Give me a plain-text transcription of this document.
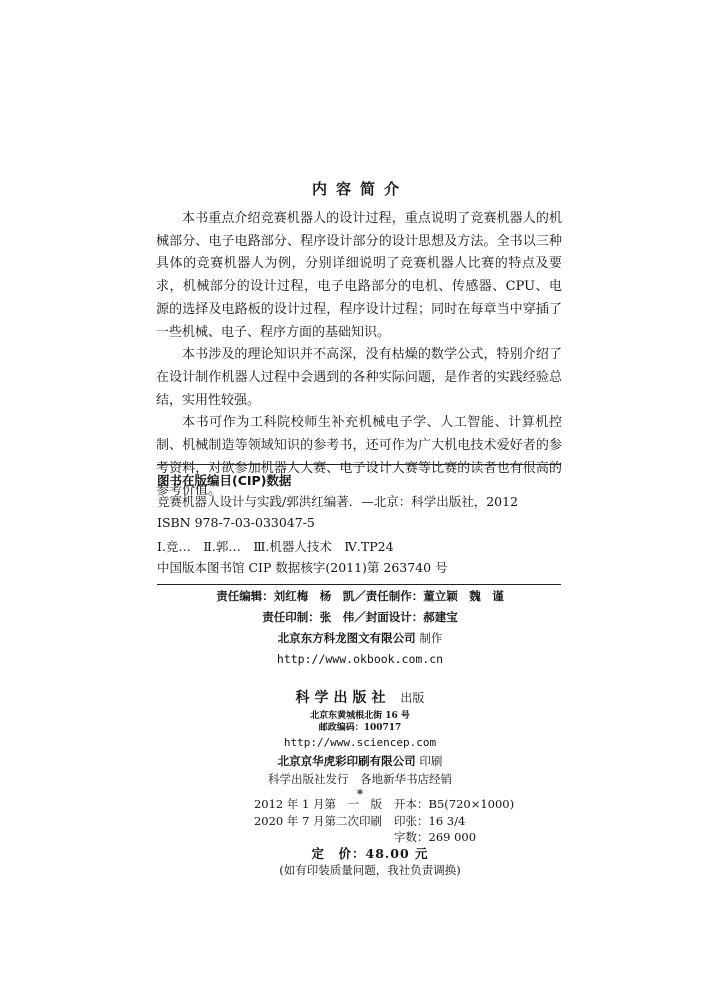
内容简介

本书重点介绍竞赛机器人的设计过程，重点说明了竞赛机器人的机械部分、电子电路部分、程序设计部分的设计思想及方法。全书以三种具体的竞赛机器人为例，分别详细说明了竞赛机器人比赛的特点及要求，机械部分的设计过程，电子电路部分的电机、传感器、CPU、电源的选择及电路板的设计过程，程序设计过程；同时在每章当中穿插了一些机械、电子、程序方面的基础知识。

本书涉及的理论知识并不高深，没有枯燥的数学公式，特别介绍了在设计制作机器人过程中会遇到的各种实际问题，是作者的实践经验总结，实用性较强。

本书可作为工科院校师生补充机械电子学、人工智能、计算机控制、机械制造等领域知识的参考书，还可作为广大机电技术爱好者的参考资料，对欲参加机器人大赛、电子设计大赛等比赛的读者也有很高的参考价值。

图书在版编目(CIP)数据
竞赛机器人设计与实践/郭洪红编著．—北京：科学出版社，2012
ISBN 978-7-03-033047-5
Ⅰ.竞…　Ⅱ.郭…　Ⅲ.机器人技术　Ⅳ.TP24
中国版本图书馆 CIP 数据核字(2011)第 263740 号
责任编辑：刘红梅　杨　凯／责任制作：董立颖　魏　谨
责任印制：张　伟／封面设计：郝建宝
北京东方科龙图文有限公司 制作
http://www.okbook.com.cn
科学出版社 出版
北京东黄城根北街 16 号
邮政编码：100717
http://www.sciencep.com
北京京华虎彩印刷有限公司 印刷
科学出版社发行　各地新华书店经销
*
2012 年 1 月第　一　版	开本：B5(720×1000)
2020 年 7 月第二次印刷	印张：16 3/4
字数：269 000
定　价：48.00 元
(如有印装质量问题，我社负责调换)
